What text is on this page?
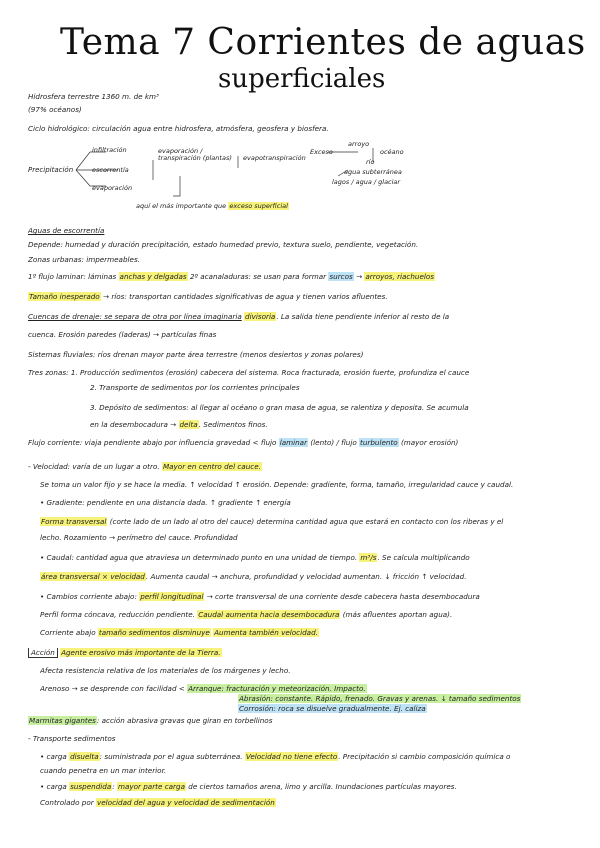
Tema 7 Corrientes de aguas
superficiales
Hidrosfera terrestre 1360 m. de km³
(97% océanos)
Ciclo hidrológico: circulación agua entre hidrosfera, atmósfera, geosfera y biosfera.
Precipitación
infiltración
escorrentía
evaporación
evaporación / transpiración (plantas)	evapotranspiración
Exceso
arroyo
océano
río
agua subterránea
lagos / agua / glaciar
aquí el más importante que exceso superficial
Aguas de escorrentía
Depende: humedad y duración precipitación, estado humedad previo, textura suelo, pendiente, vegetación.
Zonas urbanas: impermeables.
1º flujo laminar: láminas anchas y delgadas 2º acanaladuras: se usan para formar surcos → arroyos, riachuelos
Tamaño inesperado → ríos: transportan cantidades significativas de agua y tienen varios afluentes.
Cuencas de drenaje: se separa de otra por línea imaginaria divisoria. La salida tiene pendiente inferior al resto de la
cuenca. Erosión paredes (laderas) → partículas finas
Sistemas fluviales: ríos drenan mayor parte área terrestre (menos desiertos y zonas polares)
Tres zonas: 1. Producción sedimentos (erosión) cabecera del sistema. Roca fracturada, erosión fuerte, profundiza el cauce
2. Transporte de sedimentos por los corrientes principales
3. Depósito de sedimentos: al llegar al océano o gran masa de agua, se ralentiza y deposita. Se acumula
en la desembocadura → delta. Sedimentos finos.
Flujo corriente: viaja pendiente abajo por influencia gravedad < flujo laminar (lento) / flujo turbulento (mayor erosión)
- Velocidad: varía de un lugar a otro. Mayor en centro del cauce.
Se toma un valor fijo y se hace la media. ↑ velocidad ↑ erosión. Depende: gradiente, forma, tamaño, irregularidad cauce y caudal.
• Gradiente: pendiente en una distancia dada. ↑ gradiente ↑ energía
Forma transversal (corte lado de un lado al otro del cauce) determina cantidad agua que estará en contacto con los riberas y el
lecho. Rozamiento → perímetro del cauce. Profundidad
• Caudal: cantidad agua que atraviesa un determinado punto en una unidad de tiempo. m³/s. Se calcula multiplicando
área transversal × velocidad. Aumenta caudal → anchura, profundidad y velocidad aumentan. ↓ fricción ↑ velocidad.
• Cambios corriente abajo: perfil longitudinal → corte transversal de una corriente desde cabecera hasta desembocadura
Perfil forma cóncava, reducción pendiente. Caudal aumenta hacia desembocadura (más afluentes aportan agua).
Corriente abajo tamaño sedimentos disminuye Aumenta también velocidad.
Acción Agente erosivo más importante de la Tierra.
Afecta resistencia relativa de los materiales de los márgenes y lecho.
Arenoso → se desprende con facilidad < Arranque: fracturación y meteorización. Impacto.
Abrasión: constante. Rápido, frenado. Gravas y arenas. ↓ tamaño sedimentos
Corrosión: roca se disuelve gradualmente. Ej. caliza
Marmitas gigantes: acción abrasiva gravas que giran en torbellinos
- Transporte sedimentos
• carga disuelta: suministrada por el agua subterránea. Velocidad no tiene efecto. Precipitación si cambio composición química o
cuando penetra en un mar interior.
• carga suspendida: mayor parte carga de ciertos tamaños arena, limo y arcilla. Inundaciones partículas mayores.
Controlado por velocidad del agua y velocidad de sedimentación
